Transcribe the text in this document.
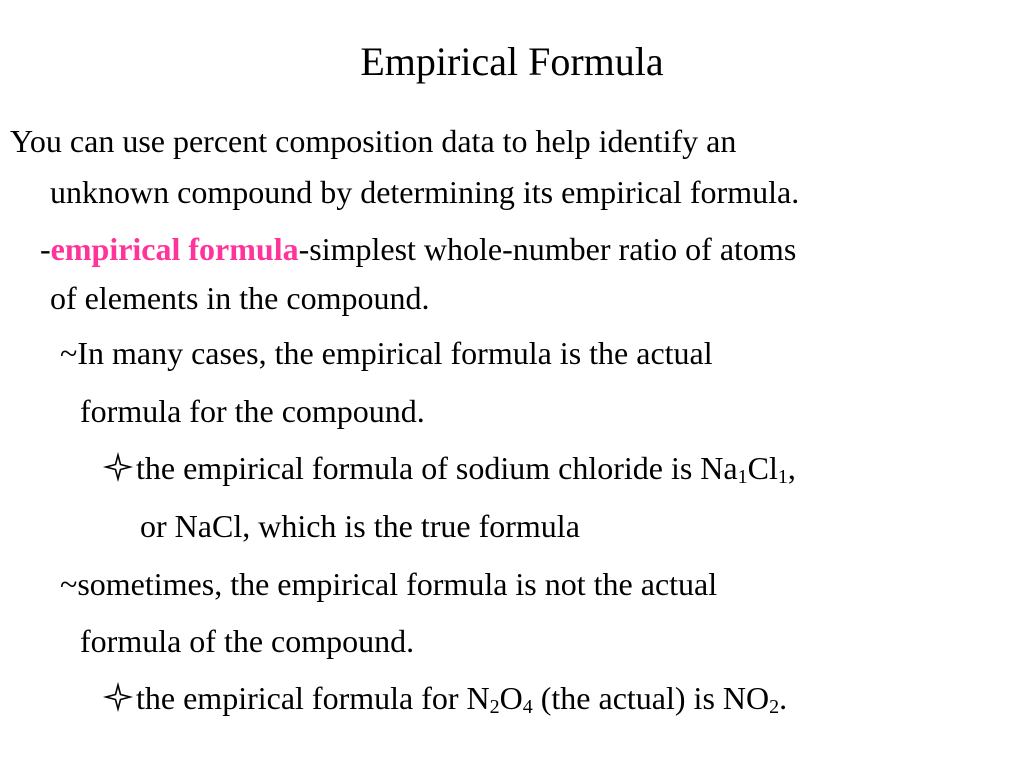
Empirical Formula
You can use percent composition data to help identify an
unknown compound by determining its empirical formula.
-empirical formula-simplest whole-number ratio of atoms
of elements in the compound.
~In many cases, the empirical formula is the actual
formula for the compound.
the empirical formula of sodium chloride is $Na_1Cl_1$,
or NaCl, which is the true formula
~sometimes, the empirical formula is not the actual
formula of the compound.
the empirical formula for $N_2O_4$ (the actual) is $NO_2$.
